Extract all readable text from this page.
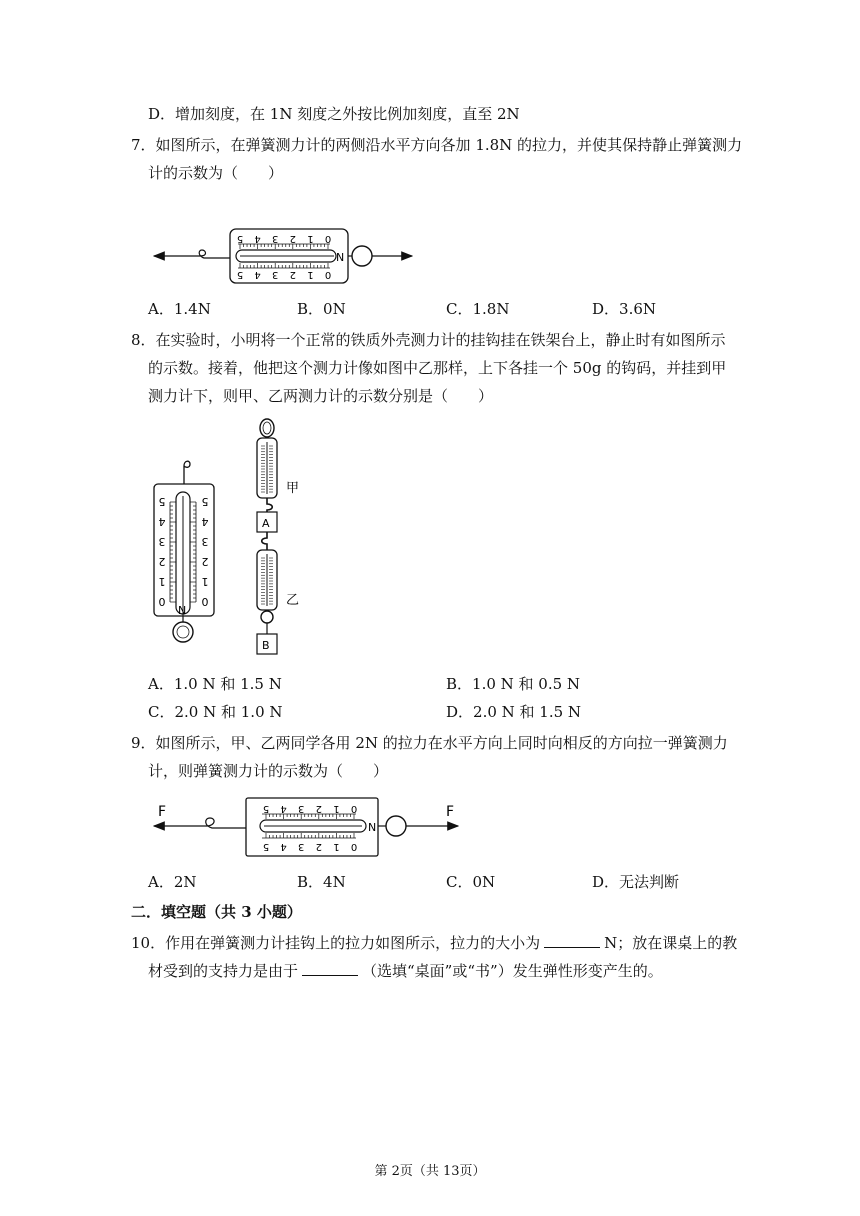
D．增加刻度，在 1N 刻度之外按比例加刻度，直至 2N
7．如图所示，在弹簧测力计的两侧沿水平方向各加 1.8N 的拉力，并使其保持静止弹簧测力
计的示数为（　　）
0
1
2
3
4
5
0
1
2
3
4
5
N
A．1.4N	B．0N	C．1.8N	D．3.6N
8．在实验时，小明将一个正常的铁质外壳测力计的挂钩挂在铁架台上，静止时有如图所示
的示数。接着，他把这个测力计像如图中乙那样，上下各挂一个 50g 的钩码，并挂到甲
测力计下，则甲、乙两测力计的示数分别是（　　）
0
1
2
3
4
5
0
1
2
3
4
5
N
甲
A
乙
B
A．1.0 N 和 1.5 N	B．1.0 N 和 0.5 N
C．2.0 N 和 1.0 N	D．2.0 N 和 1.5 N
9．如图所示，甲、乙两同学各用 2N 的拉力在水平方向上同时向相反的方向拉一弹簧测力
计，则弹簧测力计的示数为（　　）
F	0
1
2
3
4
5
0
1
2
3
4
5
N
F
A．2N	B．4N	C．0N	D．无法判断
二．填空题（共 3 小题）
10．作用在弹簧测力计挂钩上的拉力如图所示，拉力的大小为	N；放在课桌上的教
材受到的支持力是由于	（选填“桌面”或“书”）发生弹性形变产生的。
第 2页（共 13页）
